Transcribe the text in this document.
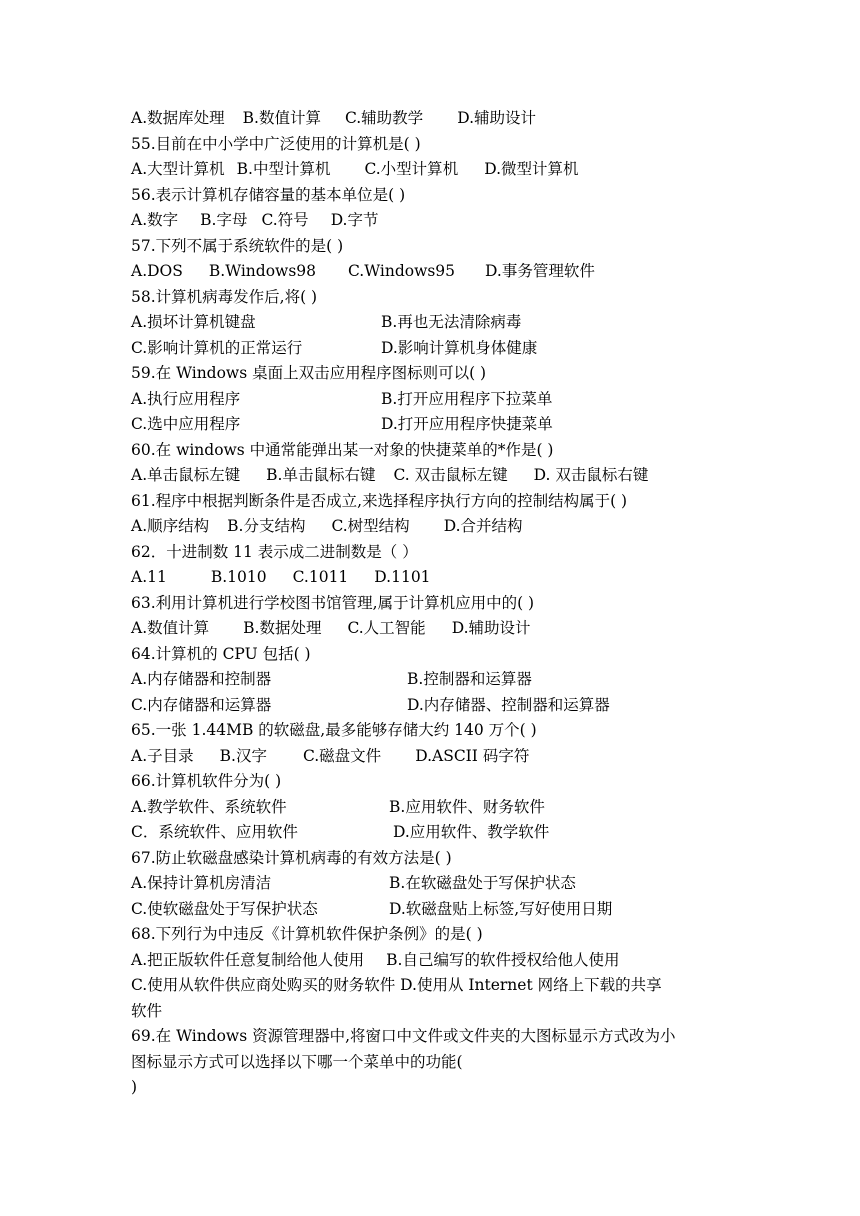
A.数据库处理 B.数值计算 C.辅助教学 D.辅助设计
55.目前在中小学中广泛使用的计算机是( )
A.大型计算机 B.中型计算机 C.小型计算机 D.微型计算机
56.表示计算机存储容量的基本单位是( )
A.数字 B.字母 C.符号 D.字节
57.下列不属于系统软件的是( )
A.DOS B.Windows98 C.Windows95 D.事务管理软件
58.计算机病毒发作后,将( )
A.损坏计算机键盘	B.再也无法清除病毒
C.影响计算机的正常运行	D.影响计算机身体健康
59.在 Windows 桌面上双击应用程序图标则可以( )
A.执行应用程序	B.打开应用程序下拉菜单
C.选中应用程序	D.打开应用程序快捷菜单
60.在 windows 中通常能弹出某一对象的快捷菜单的*作是( )
A.单击鼠标左键 B.单击鼠标右键 C. 双击鼠标左键 D. 双击鼠标右键
61.程序中根据判断条件是否成立,来选择程序执行方向的控制结构属于( )
A.顺序结构 B.分支结构 C.树型结构 D.合并结构
62．十进制数 11 表示成二进制数是（ ）
A.11	B.1010 C.1011 D.1101
63.利用计算机进行学校图书馆管理,属于计算机应用中的( )
A.数值计算 B.数据处理 C.人工智能 D.辅助设计
64.计算机的 CPU 包括( )
A.内存储器和控制器	B.控制器和运算器
C.内存储器和运算器	D.内存储器、控制器和运算器
65.一张 1.44MB 的软磁盘,最多能够存储大约 140 万个( )
A.子目录 B.汉字 C.磁盘文件 D.ASCII 码字符
66.计算机软件分为( )
A.教学软件、系统软件	B.应用软件、财务软件
C．系统软件、应用软件	D.应用软件、教学软件
67.防止软磁盘感染计算机病毒的有效方法是( )
A.保持计算机房清洁	B.在软磁盘处于写保护状态
C.使软磁盘处于写保护状态	D.软磁盘贴上标签,写好使用日期
68.下列行为中违反《计算机软件保护条例》的是( )
A.把正版软件任意复制给他人使用 B.自己编写的软件授权给他人使用
C.使用从软件供应商处购买的财务软件 D.使用从 Internet 网络上下载的共享
软件
69.在 Windows 资源管理器中,将窗口中文件或文件夹的大图标显示方式改为小
图标显示方式可以选择以下哪一个菜单中的功能(
)
